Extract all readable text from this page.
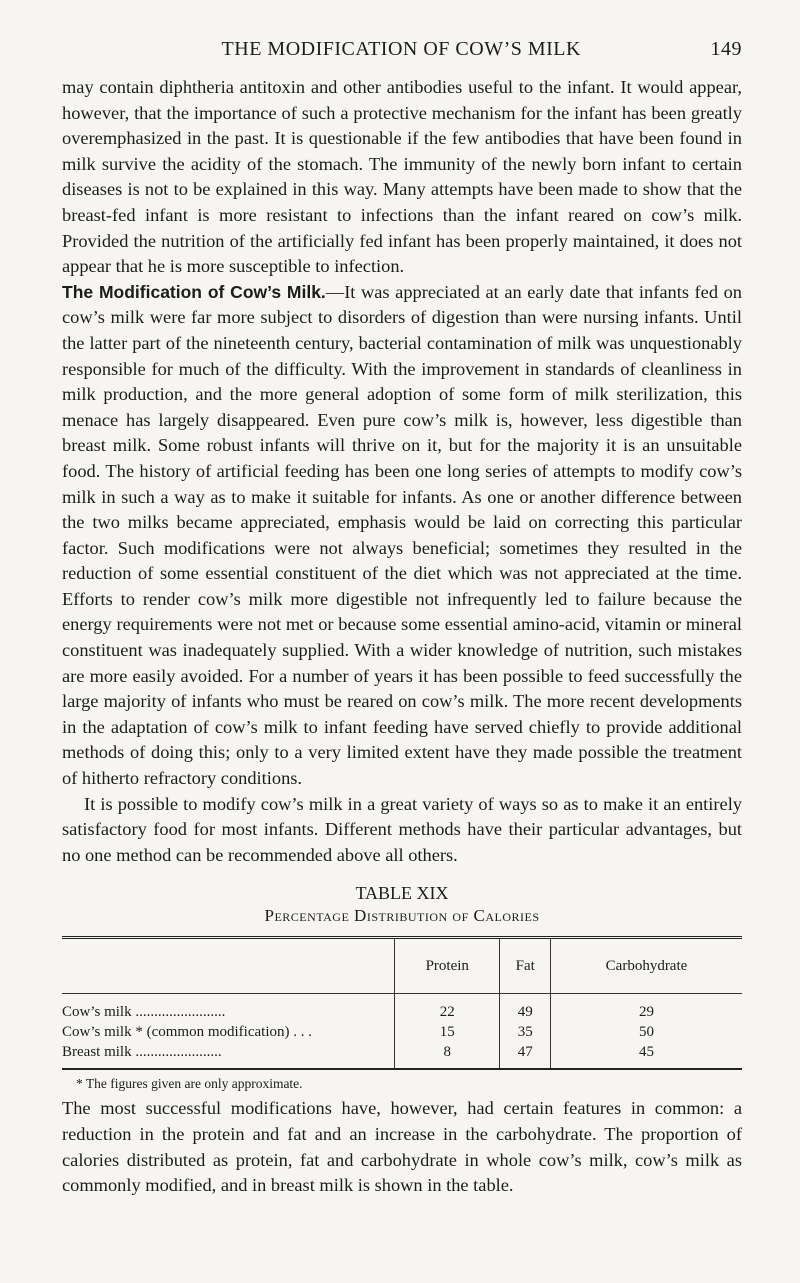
THE MODIFICATION OF COW’S MILK	149

may contain diphtheria antitoxin and other antibodies useful to the infant. It would appear, however, that the importance of such a protective mechanism for the infant has been greatly overemphasized in the past. It is questionable if the few antibodies that have been found in milk survive the acidity of the stomach. The immunity of the newly born infant to certain diseases is not to be explained in this way. Many attempts have been made to show that the breast-fed infant is more resistant to infections than the infant reared on cow’s milk. Provided the nutrition of the artificially fed infant has been properly maintained, it does not appear that he is more susceptible to infection.

The Modification of Cow’s Milk.—It was appreciated at an early date that infants fed on cow’s milk were far more subject to disorders of digestion than were nursing infants. Until the latter part of the nineteenth century, bacterial contamination of milk was unquestionably responsible for much of the difficulty. With the improvement in standards of cleanliness in milk production, and the more general adoption of some form of milk sterilization, this menace has largely disappeared. Even pure cow’s milk is, however, less digestible than breast milk. Some robust infants will thrive on it, but for the majority it is an unsuitable food. The history of artificial feeding has been one long series of attempts to modify cow’s milk in such a way as to make it suitable for infants. As one or another difference between the two milks became appreciated, emphasis would be laid on correcting this particular factor. Such modifications were not always beneficial; sometimes they resulted in the reduction of some essential constituent of the diet which was not appreciated at the time. Efforts to render cow’s milk more digestible not infrequently led to failure because the energy requirements were not met or because some essential amino-acid, vitamin or mineral constituent was inadequately supplied. With a wider knowledge of nutrition, such mistakes are more easily avoided. For a number of years it has been possible to feed successfully the large majority of infants who must be reared on cow’s milk. The more recent developments in the adaptation of cow’s milk to infant feeding have served chiefly to provide additional methods of doing this; only to a very limited extent have they made possible the treatment of hitherto refractory conditions.

It is possible to modify cow’s milk in a great variety of ways so as to make it an entirely satisfactory food for most infants. Different methods have their particular advantages, but no one method can be recommended above all others.

TABLE XIX
Percentage Distribution of Calories
	Protein	Fat	Carbohydrate
Cow’s milk ........................	22	49	29
Cow’s milk * (common modification) . . .	15	35	50
Breast milk .......................	8	47	45
* The figures given are only approximate.

The most successful modifications have, however, had certain features in common: a reduction in the protein and fat and an increase in the carbohydrate. The proportion of calories distributed as protein, fat and carbohydrate in whole cow’s milk, cow’s milk as commonly modified, and in breast milk is shown in the table.
